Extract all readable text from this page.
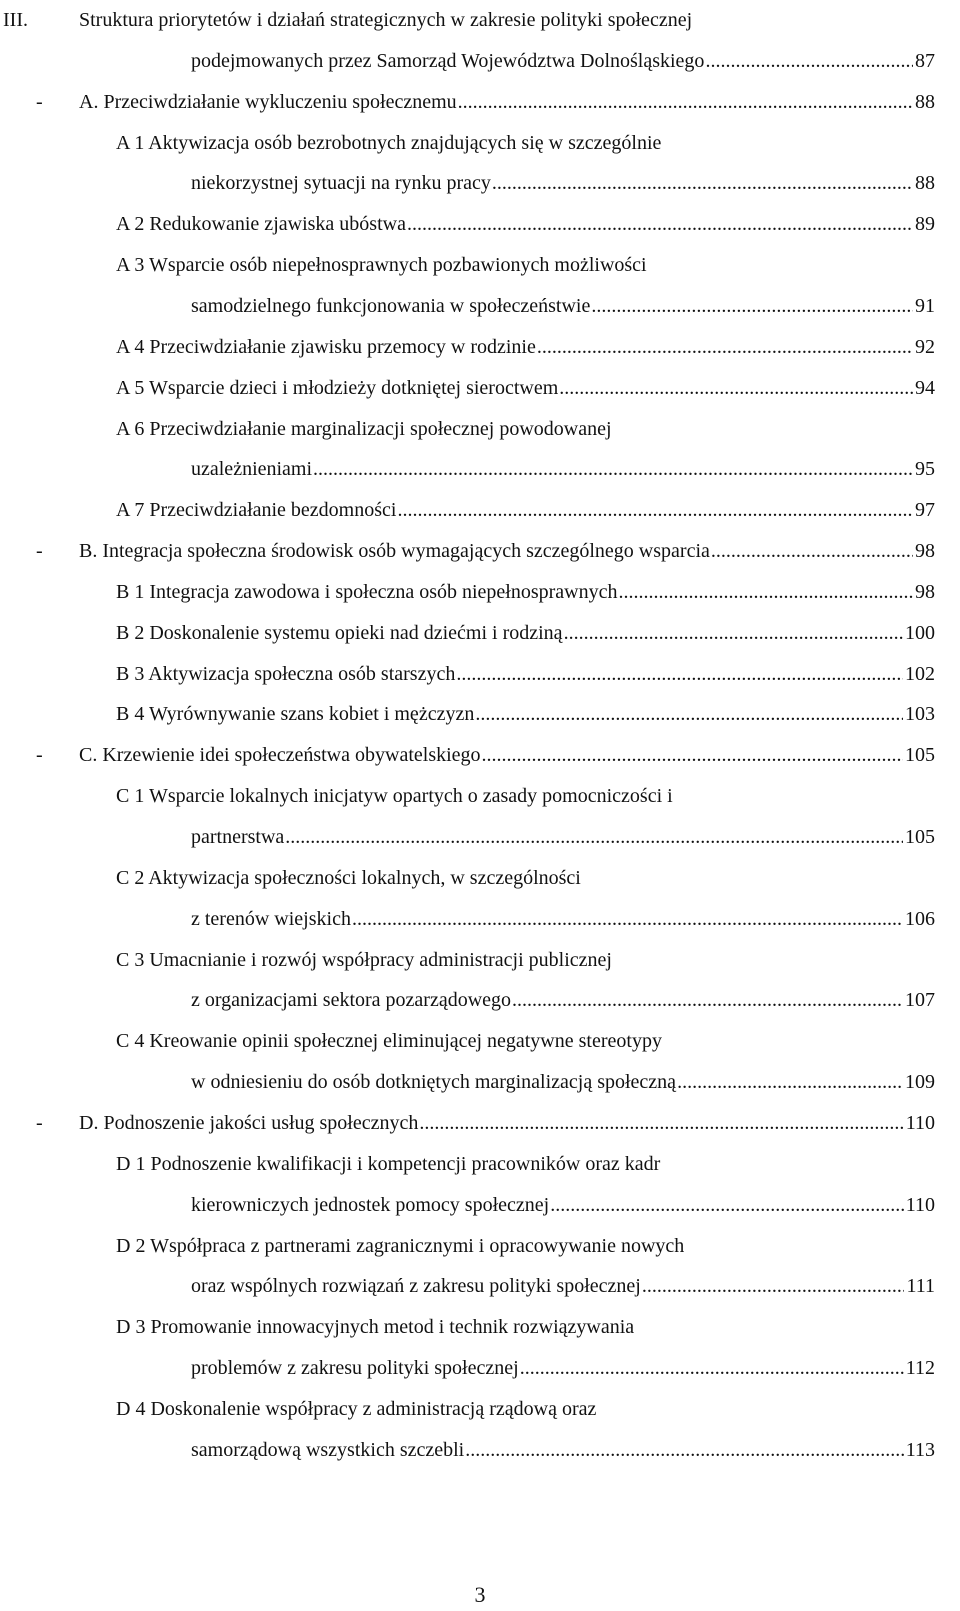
III.	Struktura priorytetów i działań strategicznych w zakresie polityki społecznej
podejmowanych przez Samorząd Województwa Dolnośląskiego .....	87
- A. Przeciwdziałanie wykluczeniu społecznemu .....	88
A 1 Aktywizacja osób bezrobotnych znajdujących się w szczególnie
niekorzystnej sytuacji na rynku pracy .....	88
A 2 Redukowanie zjawiska ubóstwa .....	89
A 3 Wsparcie osób niepełnosprawnych pozbawionych możliwości
samodzielnego funkcjonowania w społeczeństwie .....	91
A 4 Przeciwdziałanie zjawisku przemocy w rodzinie .....	92
A 5 Wsparcie dzieci i młodzieży dotkniętej sieroctwem .....	94
A 6 Przeciwdziałanie marginalizacji społecznej powodowanej
uzależnieniami .....	95
A 7 Przeciwdziałanie bezdomności .....	97
- B. Integracja społeczna środowisk osób wymagających szczególnego wsparcia .....	98
B 1 Integracja zawodowa i społeczna osób niepełnosprawnych .....	98
B 2 Doskonalenie systemu opieki nad dziećmi i rodziną .....	100
B 3 Aktywizacja społeczna osób starszych .....	102
B 4 Wyrównywanie szans kobiet i mężczyzn .....	103
- C. Krzewienie idei społeczeństwa obywatelskiego .....	105
C 1 Wsparcie lokalnych inicjatyw opartych o zasady pomocniczości i
partnerstwa .....	105
C 2 Aktywizacja społeczności lokalnych, w szczególności
z terenów wiejskich .....	106
C 3 Umacnianie i rozwój współpracy administracji publicznej
z organizacjami sektora pozarządowego .....	107
C 4 Kreowanie opinii społecznej eliminującej negatywne stereotypy
w odniesieniu do osób dotkniętych marginalizacją społeczną .....	109
- D. Podnoszenie jakości usług społecznych .....	110
D 1 Podnoszenie kwalifikacji i kompetencji pracowników oraz kadr
kierowniczych jednostek pomocy społecznej .....	110
D 2 Współpraca z partnerami zagranicznymi i opracowywanie nowych
oraz wspólnych rozwiązań z zakresu polityki społecznej .....	111
D 3 Promowanie innowacyjnych metod i technik rozwiązywania
problemów z zakresu polityki społecznej .....	112
D 4 Doskonalenie współpracy z administracją rządową oraz
samorządową wszystkich szczebli .....	113
3
